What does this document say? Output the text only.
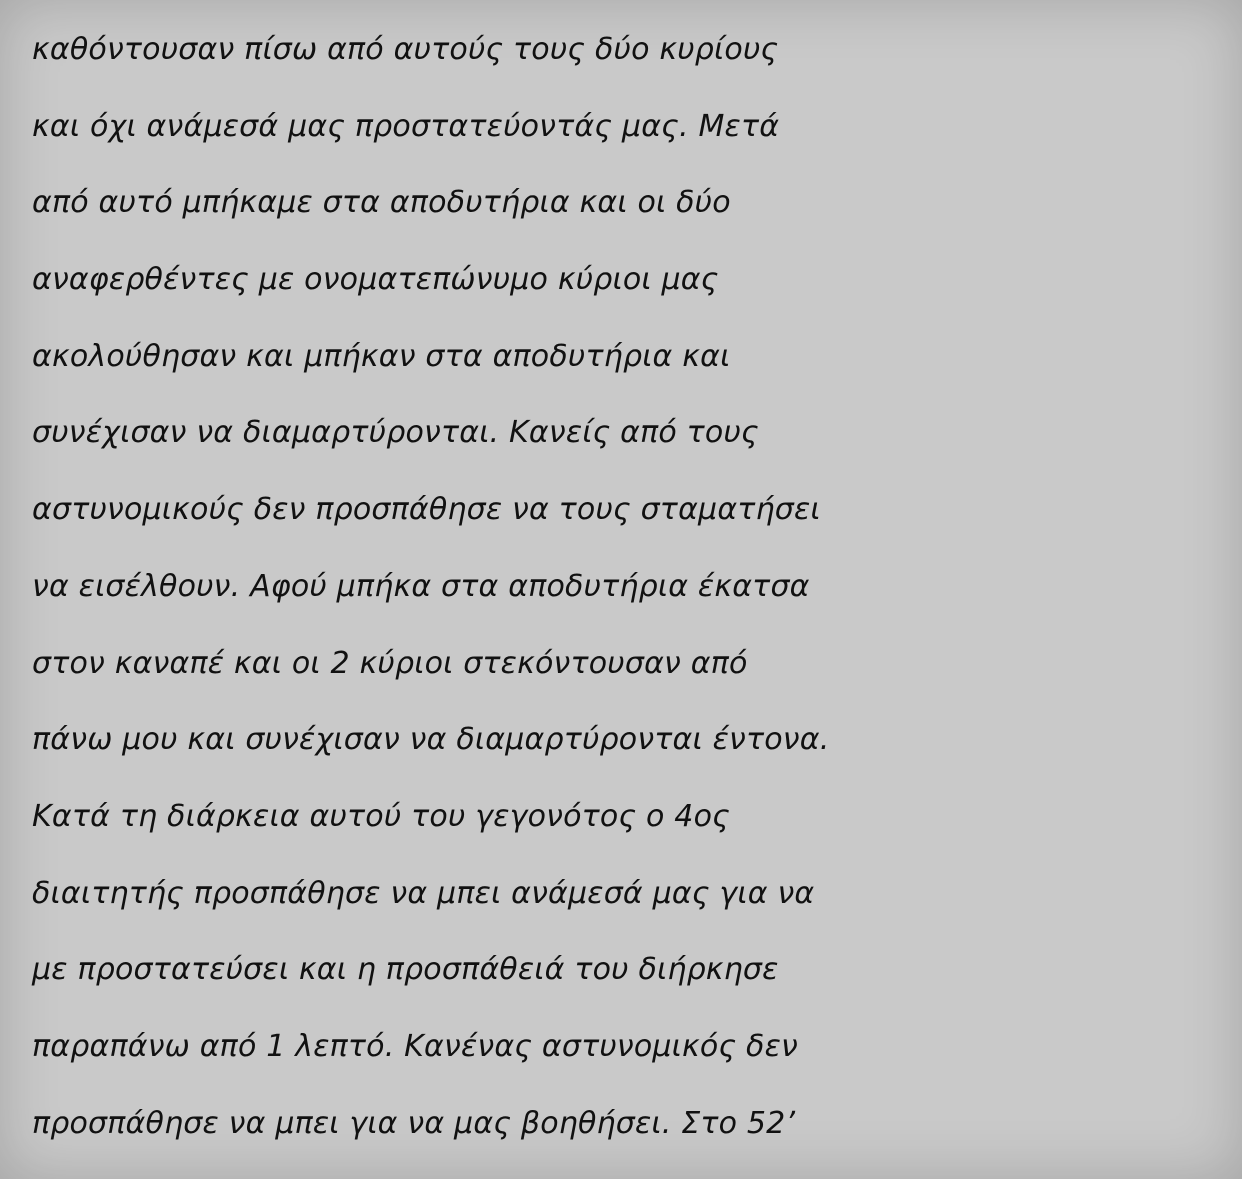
καθόντουσαν πίσω από αυτούς τους δύο κυρίους
και όχι ανάμεσά μας προστατεύοντάς μας. Μετά
από αυτό μπήκαμε στα αποδυτήρια και οι δύο
αναφερθέντες με ονοματεπώνυμο κύριοι μας
ακολούθησαν και μπήκαν στα αποδυτήρια και
συνέχισαν να διαμαρτύρονται. Κανείς από τους
αστυνομικούς δεν προσπάθησε να τους σταματήσει
να εισέλθουν. Αφού μπήκα στα αποδυτήρια έκατσα
στον καναπέ και οι 2 κύριοι στεκόντουσαν από
πάνω μου και συνέχισαν να διαμαρτύρονται έντονα.
Κατά τη διάρκεια αυτού του γεγονότος ο 4ος
διαιτητής προσπάθησε να μπει ανάμεσά μας για να
με προστατεύσει και η προσπάθειά του διήρκησε
παραπάνω από 1 λεπτό. Κανένας αστυνομικός δεν
προσπάθησε να μπει για να μας βοηθήσει. Στο 52’
